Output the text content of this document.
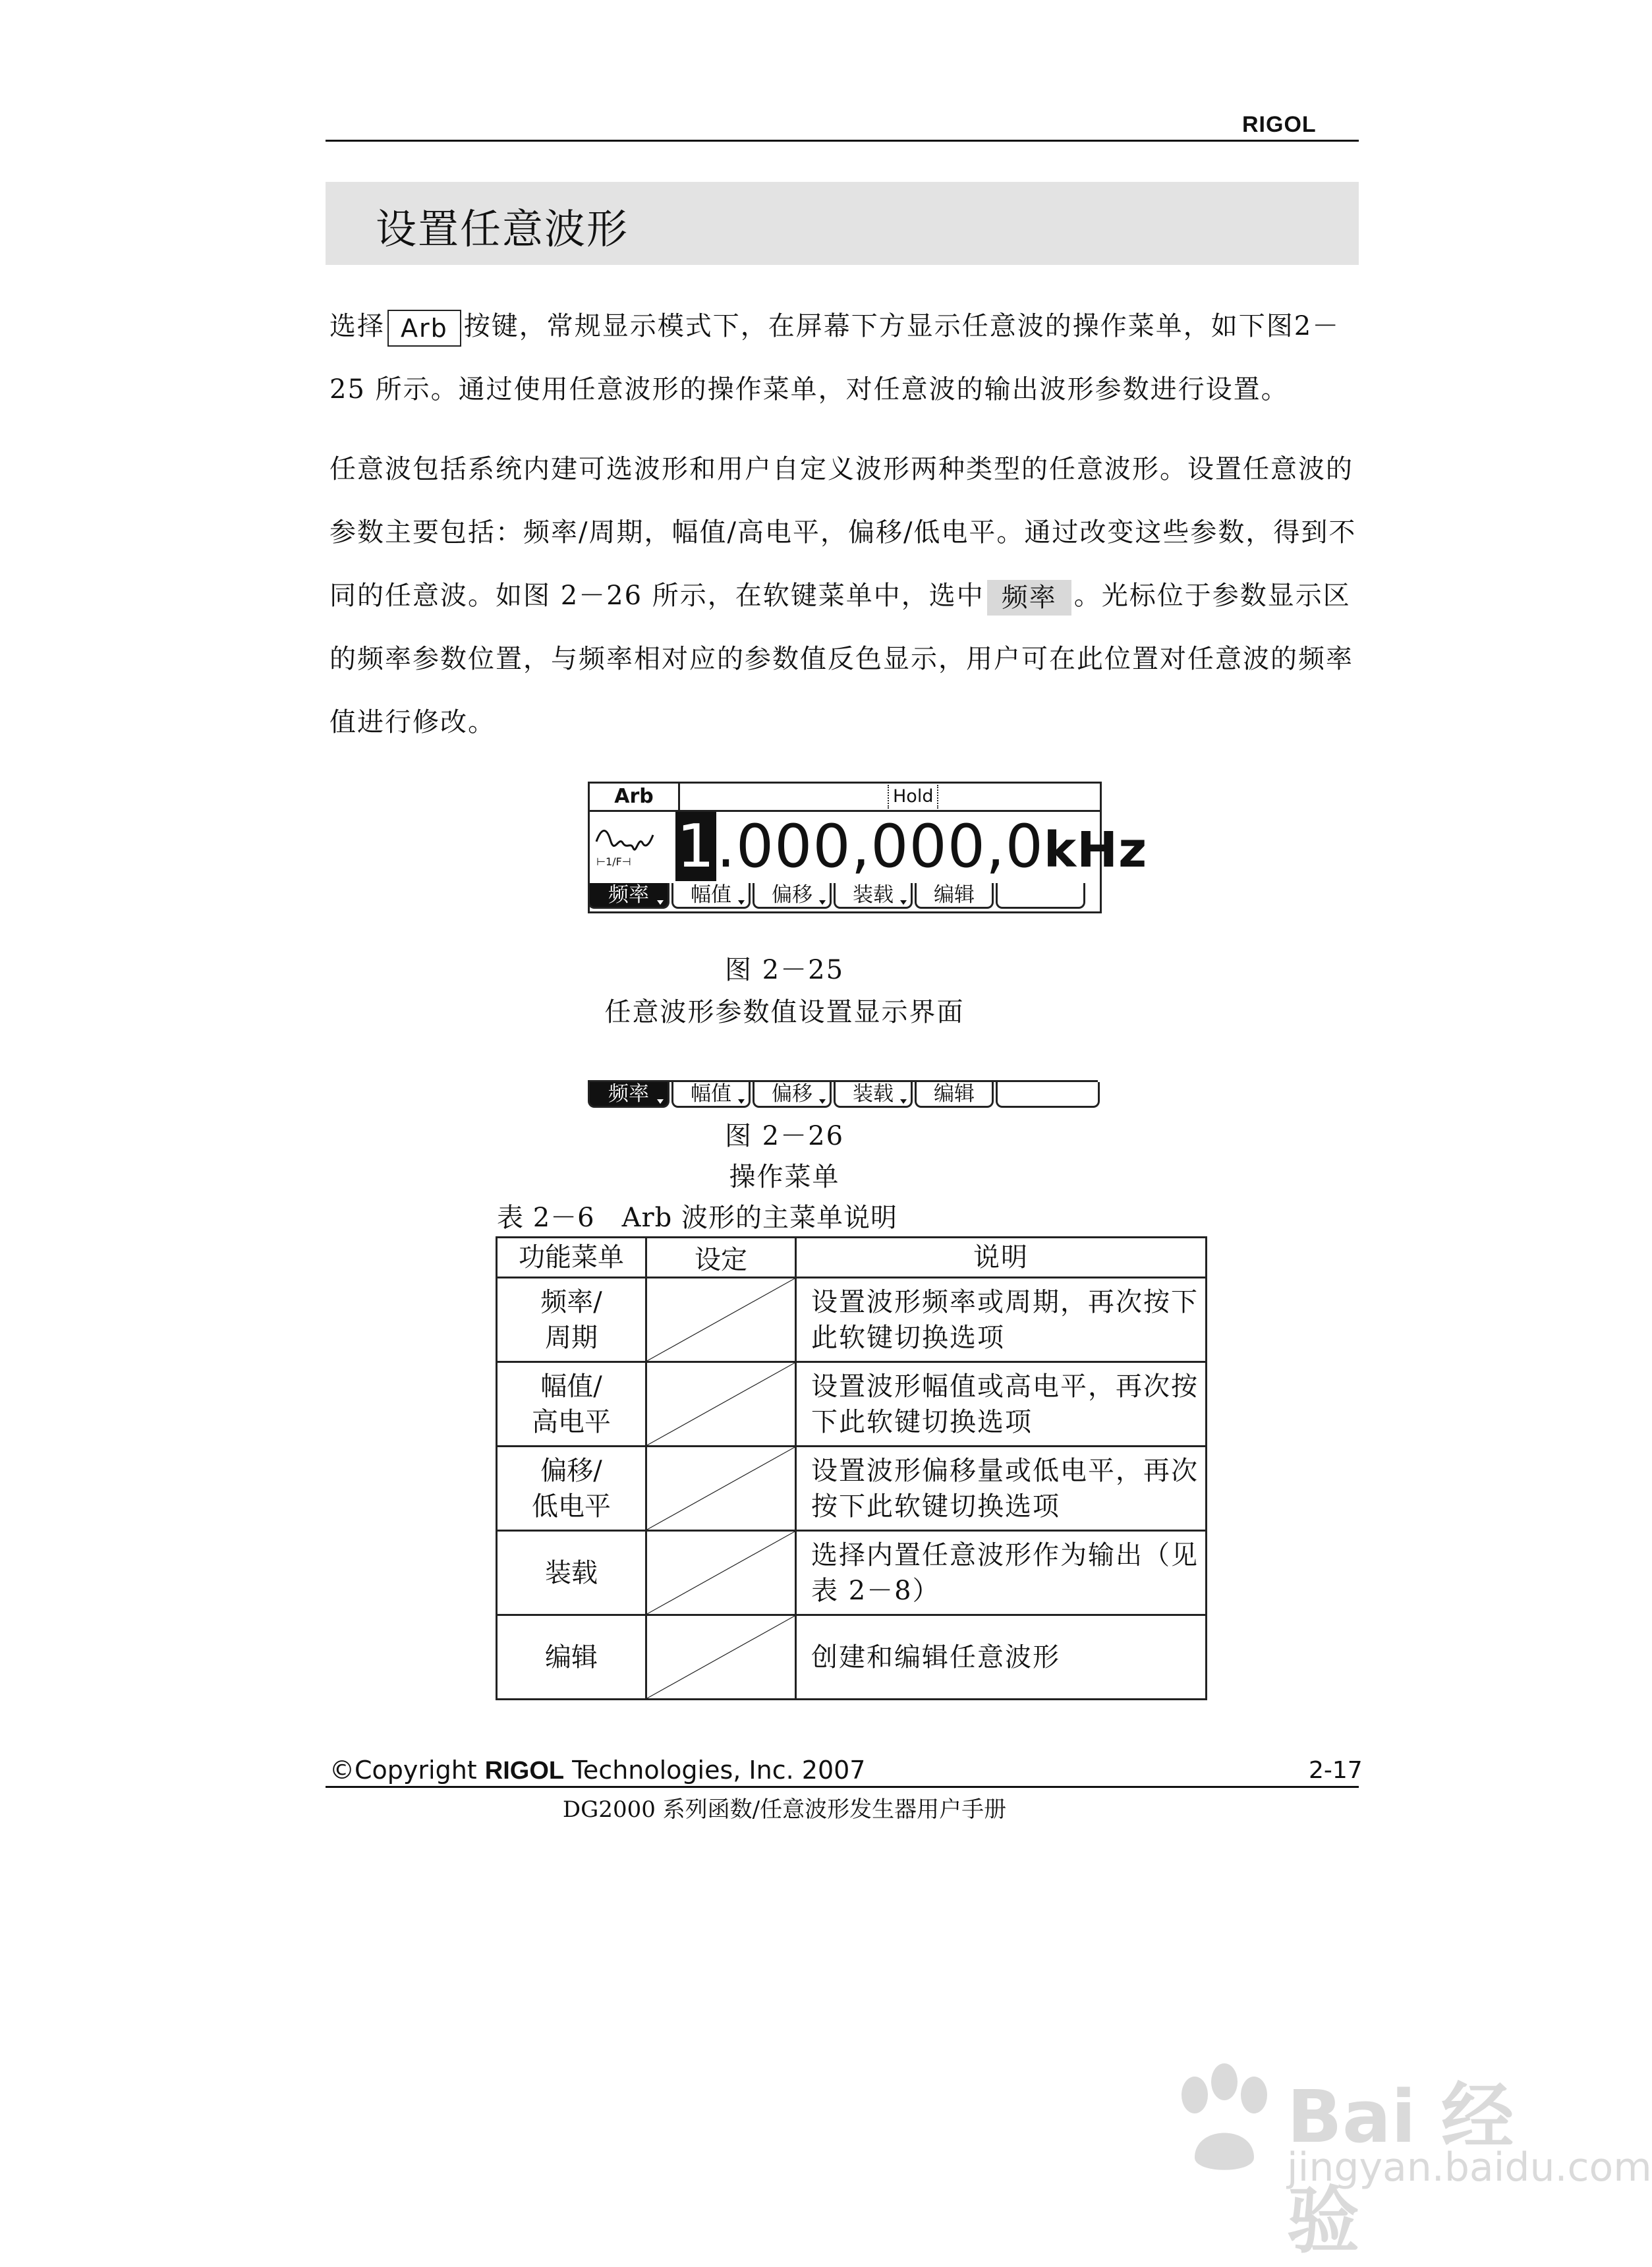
RIGOL
设置任意波形

选择 Arb 按键，常规显示模式下，在屏幕下方显示任意波的操作菜单，如下图2－25 所示。通过使用任意波形的操作菜单，对任意波的输出波形参数进行设置。

任意波包括系统内建可选波形和用户自定义波形两种类型的任意波形。设置任意波的参数主要包括：频率/周期，幅值/高电平，偏移/低电平。通过改变这些参数，得到不同的任意波。如图 2－26 所示，在软键菜单中，选中 频率 。光标位于参数显示区的频率参数位置，与频率相对应的参数值反色显示，用户可在此位置对任意波的频率值进行修改。

Arb	Hold
⊢1/F⊣ 1.000,000,0kHz
频率	幅值	偏移	装载	编辑
图 2－25
任意波形参数值设置显示界面
频率	幅值	偏移	装载	编辑
图 2－26
操作菜单
表 2－6　Arb 波形的主菜单说明
功能菜单	设定	说明
频率/
周期		设置波形频率或周期，再次按下此软键切换选项
幅值/
高电平		设置波形幅值或高电平，再次按下此软键切换选项
偏移/
低电平		设置波形偏移量或低电平，再次按下此软键切换选项
装载		选择内置任意波形作为输出（见表 2－8）
编辑		创建和编辑任意波形
©Copyright RIGOL Technologies, Inc. 2007	2-17
DG2000 系列函数/任意波形发生器用户手册
Bai 经验
jingyan.baidu.com
